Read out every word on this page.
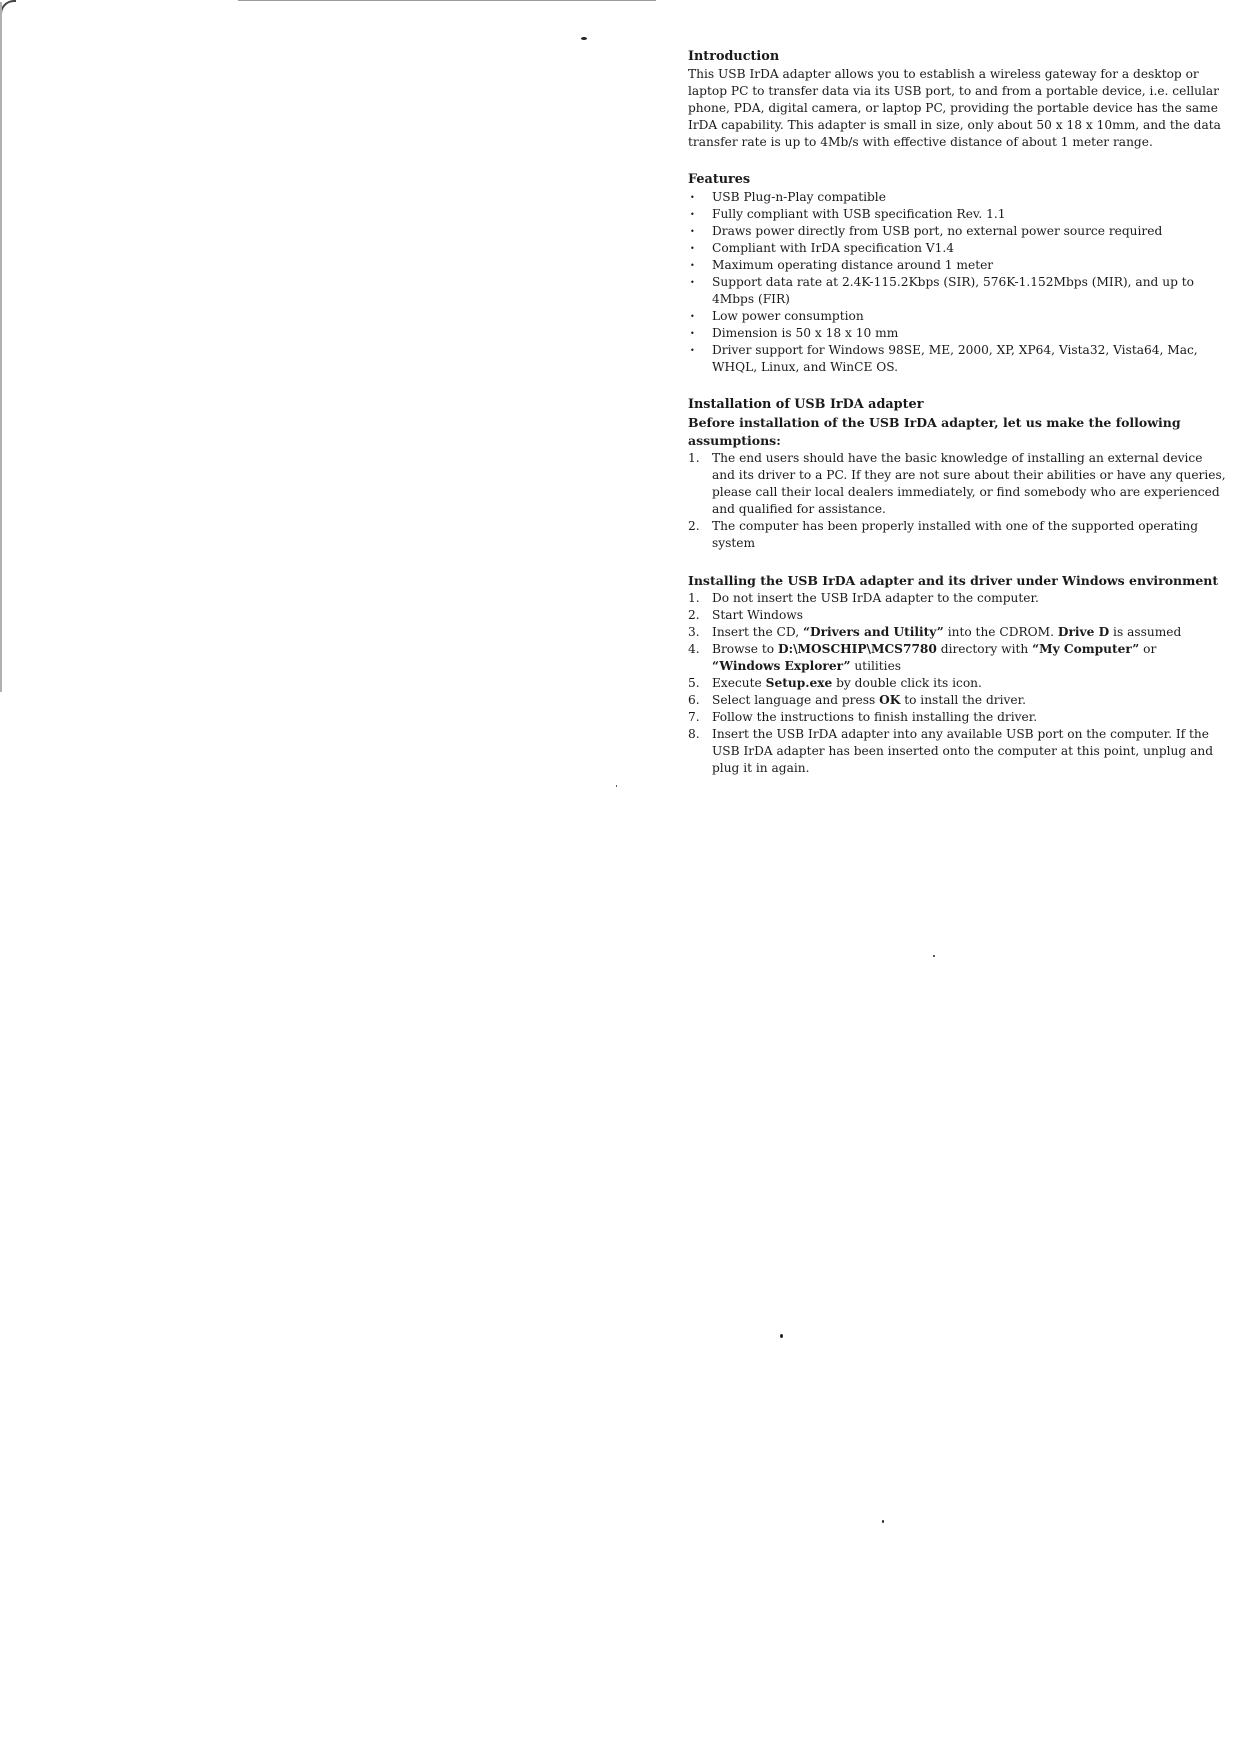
Introduction

This USB IrDA adapter allows you to establish a wireless gateway for a desktop or laptop PC to transfer data via its USB port, to and from a portable device, i.e. cellular phone, PDA, digital camera, or laptop PC, providing the portable device has the same IrDA capability. This adapter is small in size, only about 50 x 18 x 10mm, and the data transfer rate is up to 4Mb/s with effective distance of about 1 meter range.

Features
• USB Plug-n-Play compatible
• Fully compliant with USB specification Rev. 1.1
• Draws power directly from USB port, no external power source required
• Compliant with IrDA specification V1.4
• Maximum operating distance around 1 meter
• Support data rate at 2.4K-115.2Kbps (SIR), 576K-1.152Mbps (MIR), and up to 4Mbps (FIR)
• Low power consumption
• Dimension is 50 x 18 x 10 mm
• Driver support for Windows 98SE, ME, 2000, XP, XP64, Vista32, Vista64, Mac, WHQL, Linux, and WinCE OS.
Installation of USB IrDA adapter
Before installation of the USB IrDA adapter, let us make the following assumptions:
1. The end users should have the basic knowledge of installing an external device and its driver to a PC. If they are not sure about their abilities or have any queries, please call their local dealers immediately, or find somebody who are experienced and qualified for assistance.
2. The computer has been properly installed with one of the supported operating system
Installing the USB IrDA adapter and its driver under Windows environment
1. Do not insert the USB IrDA adapter to the computer.
2. Start Windows
3. Insert the CD, “Drivers and Utility” into the CDROM. Drive D is assumed
4. Browse to D:\MOSCHIP\MCS7780 directory with “My Computer” or “Windows Explorer” utilities
5. Execute Setup.exe by double click its icon.
6. Select language and press OK to install the driver.
7. Follow the instructions to finish installing the driver.
8. Insert the USB IrDA adapter into any available USB port on the computer. If the USB IrDA adapter has been inserted onto the computer at this point, unplug and plug it in again.
